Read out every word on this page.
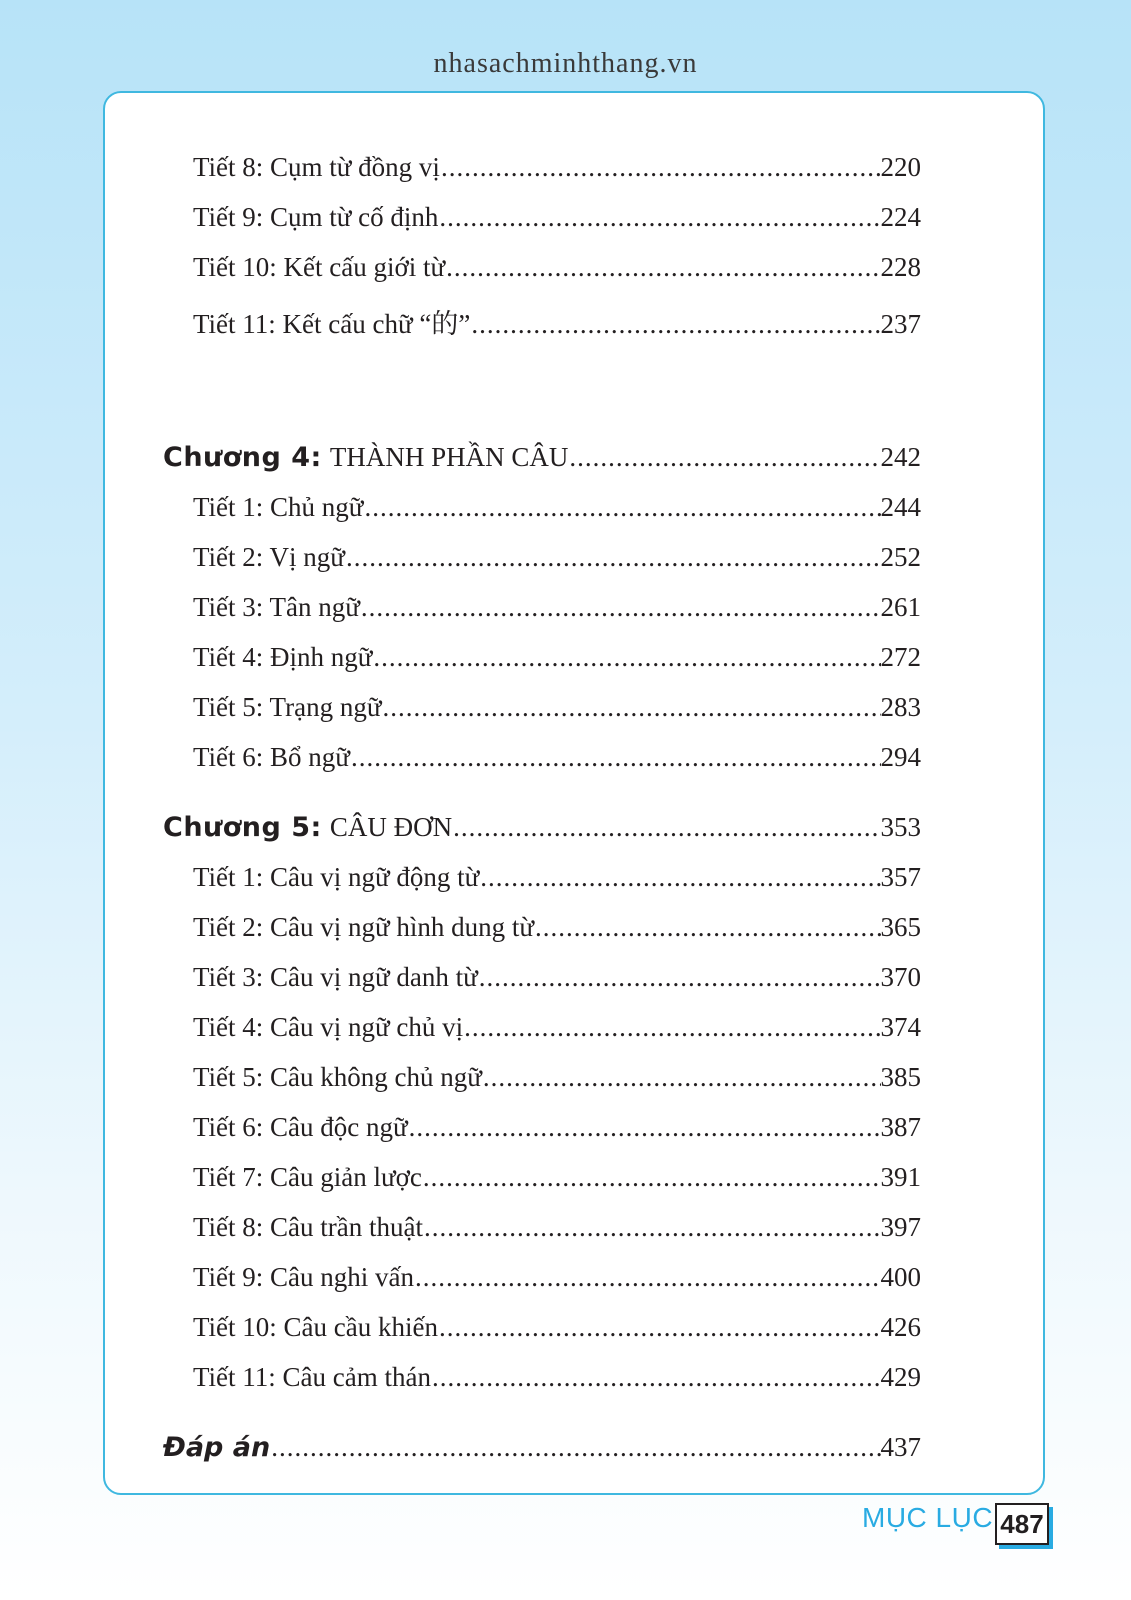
nhasachminhthang.vn
Tiết 8: Cụm từ đồng vị .....	220
Tiết 9: Cụm từ cố định .....	224
Tiết 10: Kết cấu giới từ .....	228
Tiết 11: Kết cấu chữ “的” .....	237
Chương 4: THÀNH PHẦN CÂU .....	242
Tiết 1: Chủ ngữ .....	244
Tiết 2: Vị ngữ .....	252
Tiết 3: Tân ngữ .....	261
Tiết 4: Định ngữ .....	272
Tiết 5: Trạng ngữ .....	283
Tiết 6: Bổ ngữ .....	294
Chương 5: CÂU ĐƠN .....	353
Tiết 1: Câu vị ngữ động từ .....	357
Tiết 2: Câu vị ngữ hình dung từ .....	365
Tiết 3: Câu vị ngữ danh từ .....	370
Tiết 4: Câu vị ngữ chủ vị .....	374
Tiết 5: Câu không chủ ngữ .....	385
Tiết 6: Câu độc ngữ .....	387
Tiết 7: Câu giản lược .....	391
Tiết 8: Câu trần thuật .....	397
Tiết 9: Câu nghi vấn .....	400
Tiết 10: Câu cầu khiến .....	426
Tiết 11: Câu cảm thán .....	429
Đáp án .....	437
MỤC LỤC 487
